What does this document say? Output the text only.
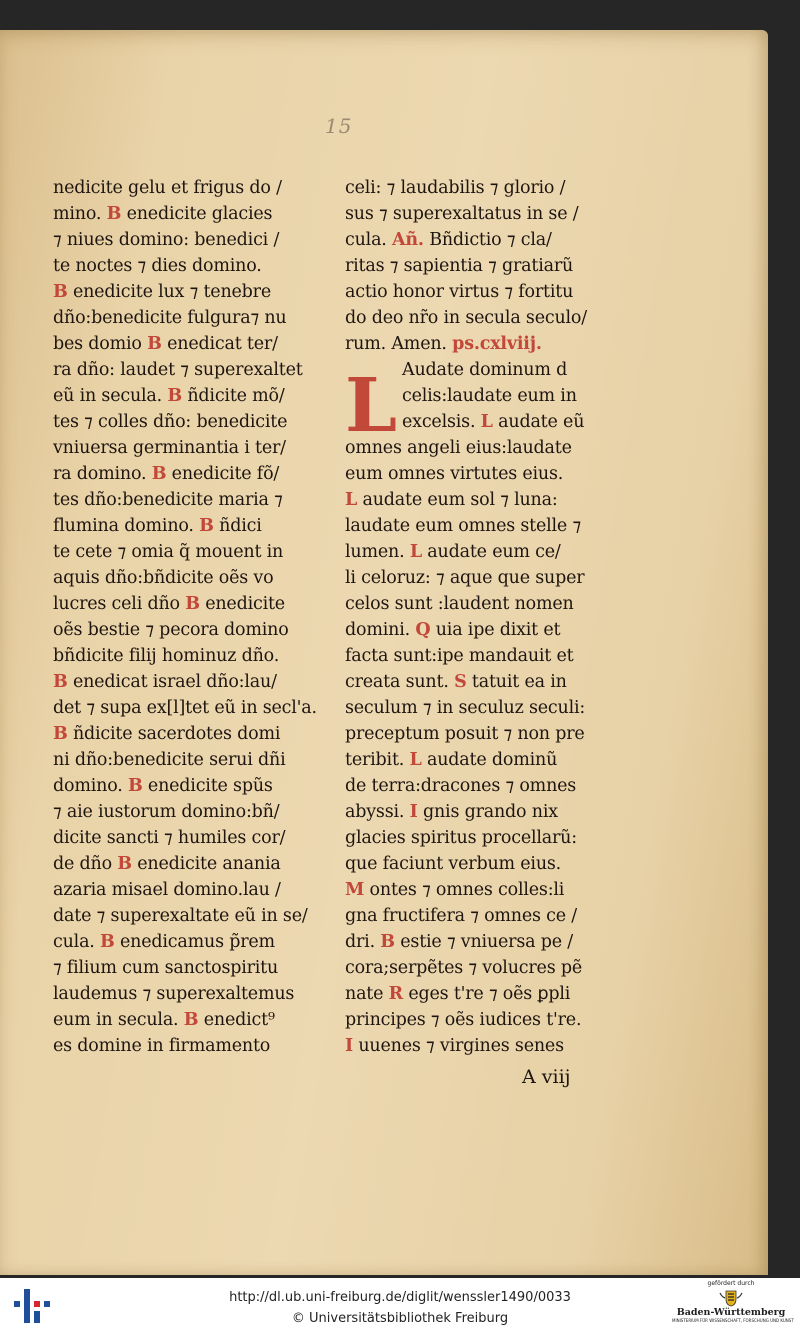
15
nedicite gelu et frigus do /
mino. B enedicite glacies
⁊ niues domino: benedici /
te noctes ⁊ dies domino.
B enedicite lux ⁊ tenebre
dño:benedicite fulgura⁊ nu
bes domio B enedicat ter/
ra dño: laudet ⁊ superexaltet
eũ in secula. B ñdicite mõ/
tes ⁊ colles dño: benedicite
vniuersa germinantia i ter/
ra domino. B enedicite fõ/
tes dño:benedicite maria ⁊
flumina domino. B ñdici
te cete ⁊ omia q̃ mouent in
aquis dño:bñdicite oẽs vo
lucres celi dño B enedicite
oẽs bestie ⁊ pecora domino
bñdicite filij hominuz dño.
B enedicat israel dño:lau/
det ⁊ supa ex[l]tet eũ in secl'a.
B ñdicite sacerdotes domi
ni dño:benedicite serui dñi
domino. B enedicite spũs
⁊ aie iustorum domino:bñ/
dicite sancti ⁊ humiles cor/
de dño B enedicite anania
azaria misael domino.lau /
date ⁊ superexaltate eũ in se/
cula. B enedicamus p̃rem
⁊ filium cum sanctospiritu
laudemus ⁊ superexaltemus
eum in secula. B enedict⁹
es domine in firmamento
L
celi: ⁊ laudabilis ⁊ glorio /
sus ⁊ superexaltatus in se /
cula. Añ. Bñdictio ⁊ cla/
ritas ⁊ sapientia ⁊ gratiarũ
actio honor virtus ⁊ fortitu
do deo nr̃o in secula seculo/
rum. Amen. ps.cxlviij.
Audate dominum d
celis:laudate eum in
excelsis. L audate eũ
omnes angeli eius:laudate
eum omnes virtutes eius.
L audate eum sol ⁊ luna:
laudate eum omnes stelle ⁊
lumen. L audate eum ce/
li celoruz: ⁊ aque que super
celos sunt :laudent nomen
domini. Q uia ipe dixit et
facta sunt:ipe mandauit et
creata sunt. S tatuit ea in
seculum ⁊ in seculuz seculi:
preceptum posuit ⁊ non pre
teribit. L audate dominũ
de terra:dracones ⁊ omnes
abyssi. I gnis grando nix
glacies spiritus procellarũ:
que faciunt verbum eius.
M ontes ⁊ omnes colles:li
gna fructifera ⁊ omnes ce /
dri. B estie ⁊ vniuersa pe /
cora;serpẽtes ⁊ volucres pẽ
nate R eges t're ⁊ oẽs ꝑpli
principes ⁊ oẽs iudices t're.
I uuenes ⁊ virgines senes
A viij
http://dl.ub.uni-freiburg.de/diglit/wenssler1490/0033
© Universitätsbibliothek Freiburg
gefördert durch
Baden-Württemberg
MINISTERIUM FÜR WISSENSCHAFT, FORSCHUNG UND KUNST
